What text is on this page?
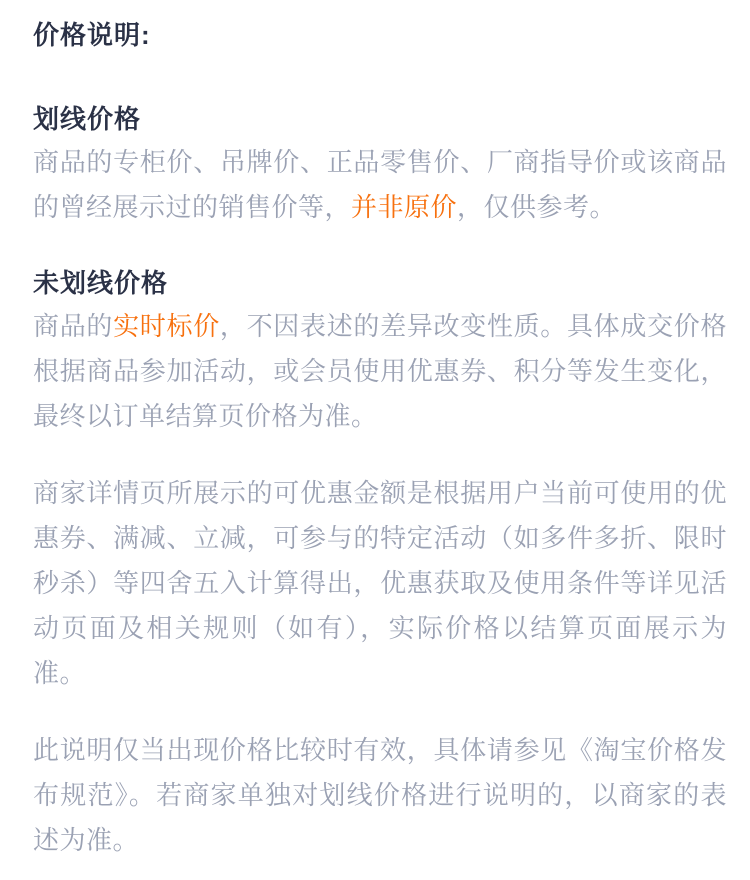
价格说明:
划线价格

商品的专柜价、吊牌价、正品零售价、厂商指导价或该商品的曾经展示过的销售价等，并非原价，仅供参考。

未划线价格

商品的实时标价，不因表述的差异改变性质。具体成交价格根据商品参加活动，或会员使用优惠券、积分等发生变化，最终以订单结算页价格为准。

商家详情页所展示的可优惠金额是根据用户当前可使用的优惠券、满减、立减，可参与的特定活动（如多件多折、限时秒杀）等四舍五入计算得出，优惠获取及使用条件等详见活动页面及相关规则（如有），实际价格以结算页面展示为准。

此说明仅当出现价格比较时有效，具体请参见《淘宝价格发布规范》。若商家单独对划线价格进行说明的，以商家的表述为准。
